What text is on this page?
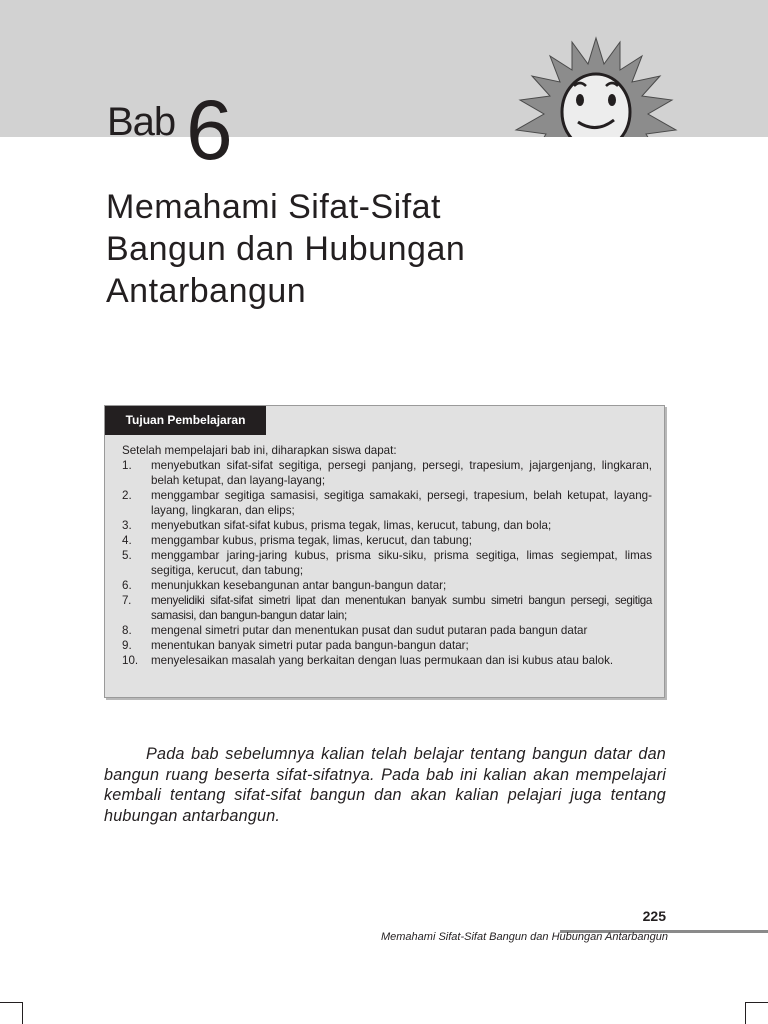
Bab 6
Memahami Sifat-Sifat
Bangun dan Hubungan
Antarbangun
Tujuan Pembelajaran
Setelah mempelajari bab ini, diharapkan siswa dapat:
1. menyebutkan sifat-sifat segitiga, persegi panjang, persegi, trapesium, jajargenjang, lingkaran, belah ketupat, dan layang-layang;
2. menggambar segitiga samasisi, segitiga samakaki, persegi, trapesium, belah ketupat, layang-layang, lingkaran, dan elips;
3. menyebutkan sifat-sifat kubus, prisma tegak, limas, kerucut, tabung, dan bola;
4. menggambar kubus, prisma tegak, limas, kerucut, dan tabung;
5. menggambar jaring-jaring kubus, prisma siku-siku, prisma segitiga, limas segiempat, limas segitiga, kerucut, dan tabung;
6. menunjukkan kesebangunan antar bangun-bangun datar;
7. menyelidiki sifat-sifat simetri lipat dan menentukan banyak sumbu simetri bangun persegi, segitiga samasisi, dan bangun-bangun datar lain;
8. mengenal simetri putar dan menentukan pusat dan sudut putaran pada bangun datar
9. menentukan banyak simetri putar pada bangun-bangun datar;
10. menyelesaikan masalah yang berkaitan dengan luas permukaan dan isi kubus atau balok.

Pada bab sebelumnya kalian telah belajar tentang bangun datar dan bangun ruang beserta sifat-sifatnya. Pada bab ini kalian akan mempelajari kembali tentang sifat-sifat bangun dan akan kalian pelajari juga tentang hubungan antarbangun.

225
Memahami Sifat-Sifat Bangun dan Hubungan Antarbangun
